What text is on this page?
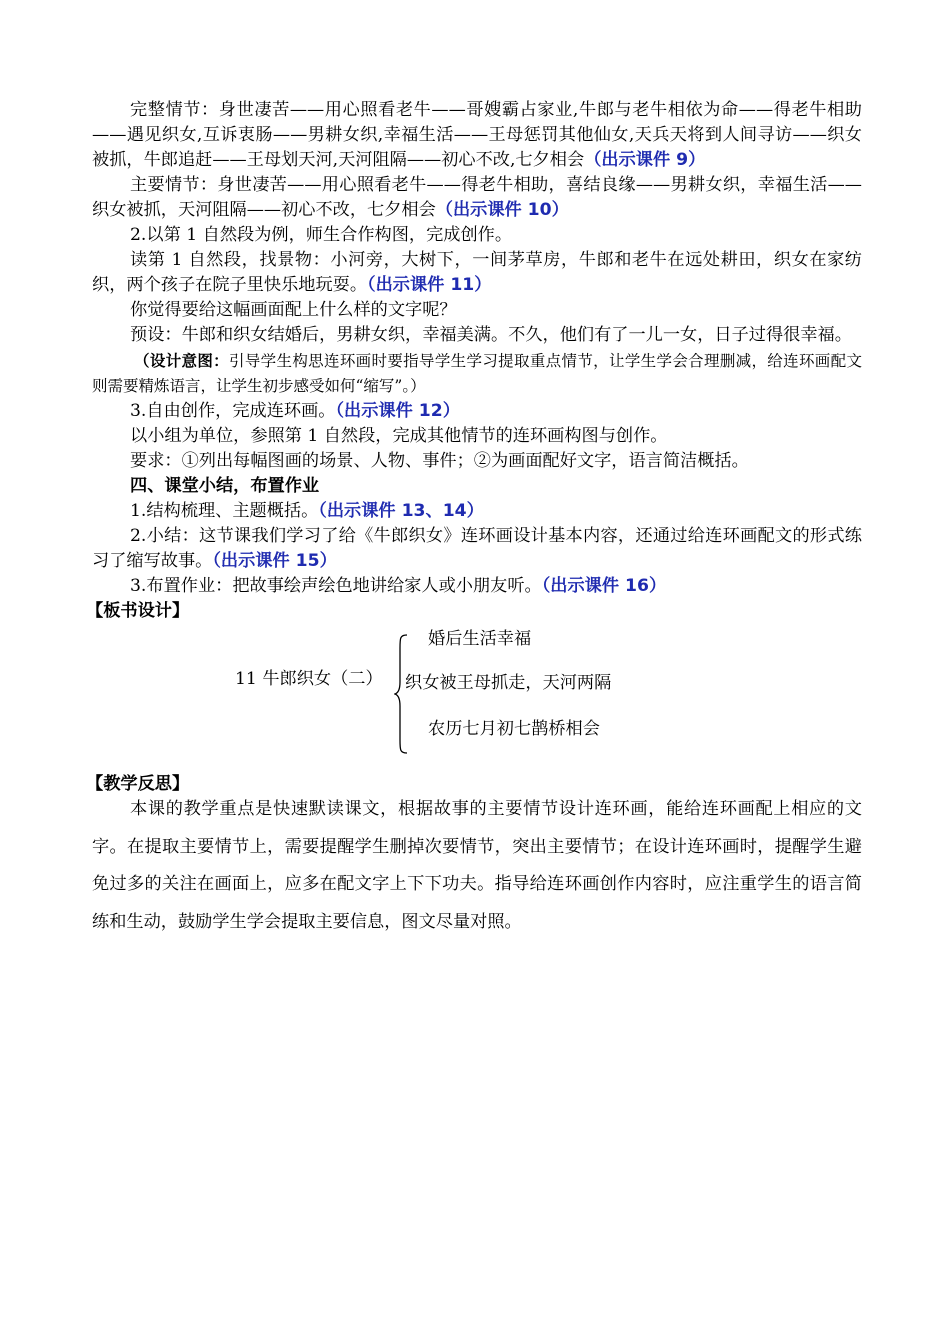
完整情节：身世凄苦——用心照看老牛——哥嫂霸占家业,牛郎与老牛相依为命——得老牛相助——遇见织女,互诉衷肠——男耕女织,幸福生活——王母惩罚其他仙女,天兵天将到人间寻访——织女被抓，牛郎追赶——王母划天河,天河阻隔——初心不改,七夕相会（出示课件 9）

主要情节：身世凄苦——用心照看老牛——得老牛相助，喜结良缘——男耕女织，幸福生活——织女被抓，天河阻隔——初心不改，七夕相会（出示课件 10）

2.以第 1 自然段为例，师生合作构图，完成创作。

读第 1 自然段，找景物：小河旁，大树下，一间茅草房，牛郎和老牛在远处耕田，织女在家纺织，两个孩子在院子里快乐地玩耍。（出示课件 11）

你觉得要给这幅画面配上什么样的文字呢？

预设：牛郎和织女结婚后，男耕女织，幸福美满。不久，他们有了一儿一女，日子过得很幸福。

（设计意图：引导学生构思连环画时要指导学生学习提取重点情节，让学生学会合理删减，给连环画配文则需要精炼语言，让学生初步感受如何“缩写”。）

3.自由创作，完成连环画。（出示课件 12）

以小组为单位，参照第 1 自然段，完成其他情节的连环画构图与创作。

要求：①列出每幅图画的场景、人物、事件；②为画面配好文字，语言简洁概括。

四、课堂小结，布置作业

1.结构梳理、主题概括。（出示课件 13、14）

2.小结：这节课我们学习了给《牛郎织女》连环画设计基本内容，还通过给连环画配文的形式练习了缩写故事。（出示课件 15）

3.布置作业：把故事绘声绘色地讲给家人或小朋友听。（出示课件 16）

【板书设计】

11 牛郎织女（二）
婚后生活幸福
织女被王母抓走，天河两隔
农历七月初七鹊桥相会

【教学反思】

本课的教学重点是快速默读课文，根据故事的主要情节设计连环画，能给连环画配上相应的文字。在提取主要情节上，需要提醒学生删掉次要情节，突出主要情节；在设计连环画时，提醒学生避免过多的关注在画面上，应多在配文字上下下功夫。指导给连环画创作内容时，应注重学生的语言简练和生动，鼓励学生学会提取主要信息，图文尽量对照。
